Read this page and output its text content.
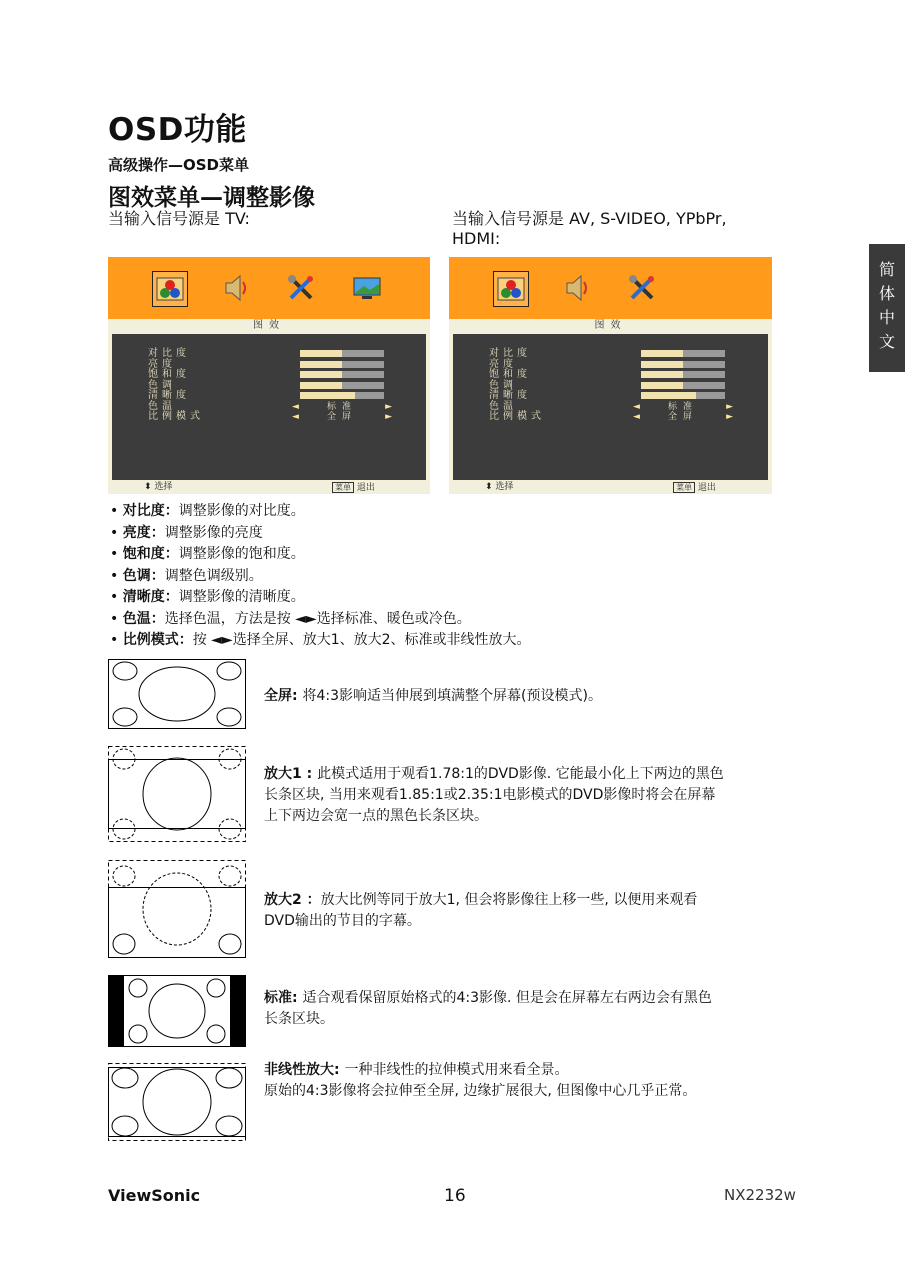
OSD功能
高级操作—OSD菜单
图效菜单—调整影像
当输入信号源是 TV:	当输入信号源是 AV, S-VIDEO, YPbPr,
HDMI:
简
体
中
文
图效
对比度
亮度
饱和度
色调
清晰度
色温
比例模式
◄	标准	►
◄	全屏	►
⬍ 选择	菜单 退出
图效
对比度
亮度
饱和度
色调
清晰度
色温
比例模式
◄	标准	►
◄	全屏	►
⬍ 选择	菜单 退出
• 对比度：调整影像的对比度。
• 亮度：调整影像的亮度
• 饱和度：调整影像的饱和度。
• 色调：调整色调级别。
• 清晰度：调整影像的清晰度。
• 色温：选择色温，方法是按 ◄►选择标准、暖色或冷色。
• 比例模式：按 ◄►选择全屏、放大1、放大2、标准或非线性放大。
全屏: 将4:3影响适当伸展到填满整个屏幕(预设模式)。
放大1 : 此模式适用于观看1.78:1的DVD影像. 它能最小化上下两边的黑色
长条区块, 当用来观看1.85:1或2.35:1电影模式的DVD影像时将会在屏幕
上下两边会宽一点的黑色长条区块。
放大2 ：放大比例等同于放大1, 但会将影像往上移一些, 以便用来观看
DVD输出的节目的字幕。
标准: 适合观看保留原始格式的4:3影像. 但是会在屏幕左右两边会有黑色
长条区块。
非线性放大: 一种非线性的拉伸模式用来看全景。
原始的4:3影像将会拉伸至全屏, 边缘扩展很大, 但图像中心几乎正常。
ViewSonic	16	NX2232w
